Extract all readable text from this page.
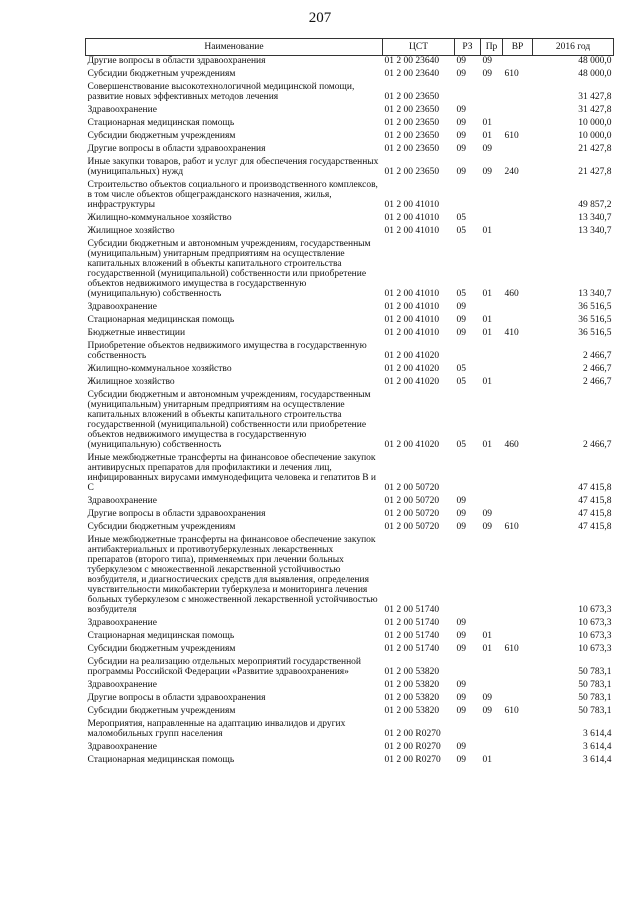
207
Наименование	ЦСТ	РЗ	Пр	ВР	2016 год
Другие вопросы в области здравоохранения	01 2 00 23640	09	09		48 000,0
Субсидии бюджетным учреждениям	01 2 00 23640	09	09	610	48 000,0
Совершенствование высокотехнологичной медицинской помощи, развитие новых эффективных методов лечения	01 2 00 23650				31 427,8
Здравоохранение	01 2 00 23650	09			31 427,8
Стационарная медицинская помощь	01 2 00 23650	09	01		10 000,0
Субсидии бюджетным учреждениям	01 2 00 23650	09	01	610	10 000,0
Другие вопросы в области здравоохранения	01 2 00 23650	09	09		21 427,8
Иные закупки товаров, работ и услуг для обеспечения государственных (муниципальных) нужд	01 2 00 23650	09	09	240	21 427,8
Строительство объектов социального и производственного комплексов, в том числе объектов общегражданского назначения, жилья, инфраструктуры	01 2 00 41010				49 857,2
Жилищно-коммунальное хозяйство	01 2 00 41010	05			13 340,7
Жилищное хозяйство	01 2 00 41010	05	01		13 340,7
Субсидии бюджетным и автономным учреждениям, государственным (муниципальным) унитарным предприятиям на осуществление капитальных вложений в объекты капитального строительства государственной (муниципальной) собственности или приобретение объектов недвижимого имущества в государственную (муниципальную) собственность	01 2 00 41010	05	01	460	13 340,7
Здравоохранение	01 2 00 41010	09			36 516,5
Стационарная медицинская помощь	01 2 00 41010	09	01		36 516,5
Бюджетные инвестиции	01 2 00 41010	09	01	410	36 516,5
Приобретение объектов недвижимого имущества в государственную собственность	01 2 00 41020				2 466,7
Жилищно-коммунальное хозяйство	01 2 00 41020	05			2 466,7
Жилищное хозяйство	01 2 00 41020	05	01		2 466,7
Субсидии бюджетным и автономным учреждениям, государственным (муниципальным) унитарным предприятиям на осуществление капитальных вложений в объекты капитального строительства государственной (муниципальной) собственности или приобретение объектов недвижимого имущества в государственную (муниципальную) собственность	01 2 00 41020	05	01	460	2 466,7
Иные межбюджетные трансферты на финансовое обеспечение закупок антивирусных препаратов для профилактики и лечения лиц, инфицированных вирусами иммунодефицита человека и гепатитов В и С	01 2 00 50720				47 415,8
Здравоохранение	01 2 00 50720	09			47 415,8
Другие вопросы в области здравоохранения	01 2 00 50720	09	09		47 415,8
Субсидии бюджетным учреждениям	01 2 00 50720	09	09	610	47 415,8
Иные межбюджетные трансферты на финансовое обеспечение закупок антибактериальных и противотуберкулезных лекарственных препаратов (второго типа), применяемых при лечении больных туберкулезом с множественной лекарственной устойчивостью возбудителя, и диагностических средств для выявления, определения чувствительности микобактерии туберкулеза и мониторинга лечения больных туберкулезом с множественной лекарственной устойчивостью возбудителя	01 2 00 51740				10 673,3
Здравоохранение	01 2 00 51740	09			10 673,3
Стационарная медицинская помощь	01 2 00 51740	09	01		10 673,3
Субсидии бюджетным учреждениям	01 2 00 51740	09	01	610	10 673,3
Субсидии на реализацию отдельных мероприятий государственной программы Российской Федерации «Развитие здравоохранения»	01 2 00 53820				50 783,1
Здравоохранение	01 2 00 53820	09			50 783,1
Другие вопросы в области здравоохранения	01 2 00 53820	09	09		50 783,1
Субсидии бюджетным учреждениям	01 2 00 53820	09	09	610	50 783,1
Мероприятия, направленные на адаптацию инвалидов и других маломобильных групп населения	01 2 00 R0270				3 614,4
Здравоохранение	01 2 00 R0270	09			3 614,4
Стационарная медицинская помощь	01 2 00 R0270	09	01		3 614,4
